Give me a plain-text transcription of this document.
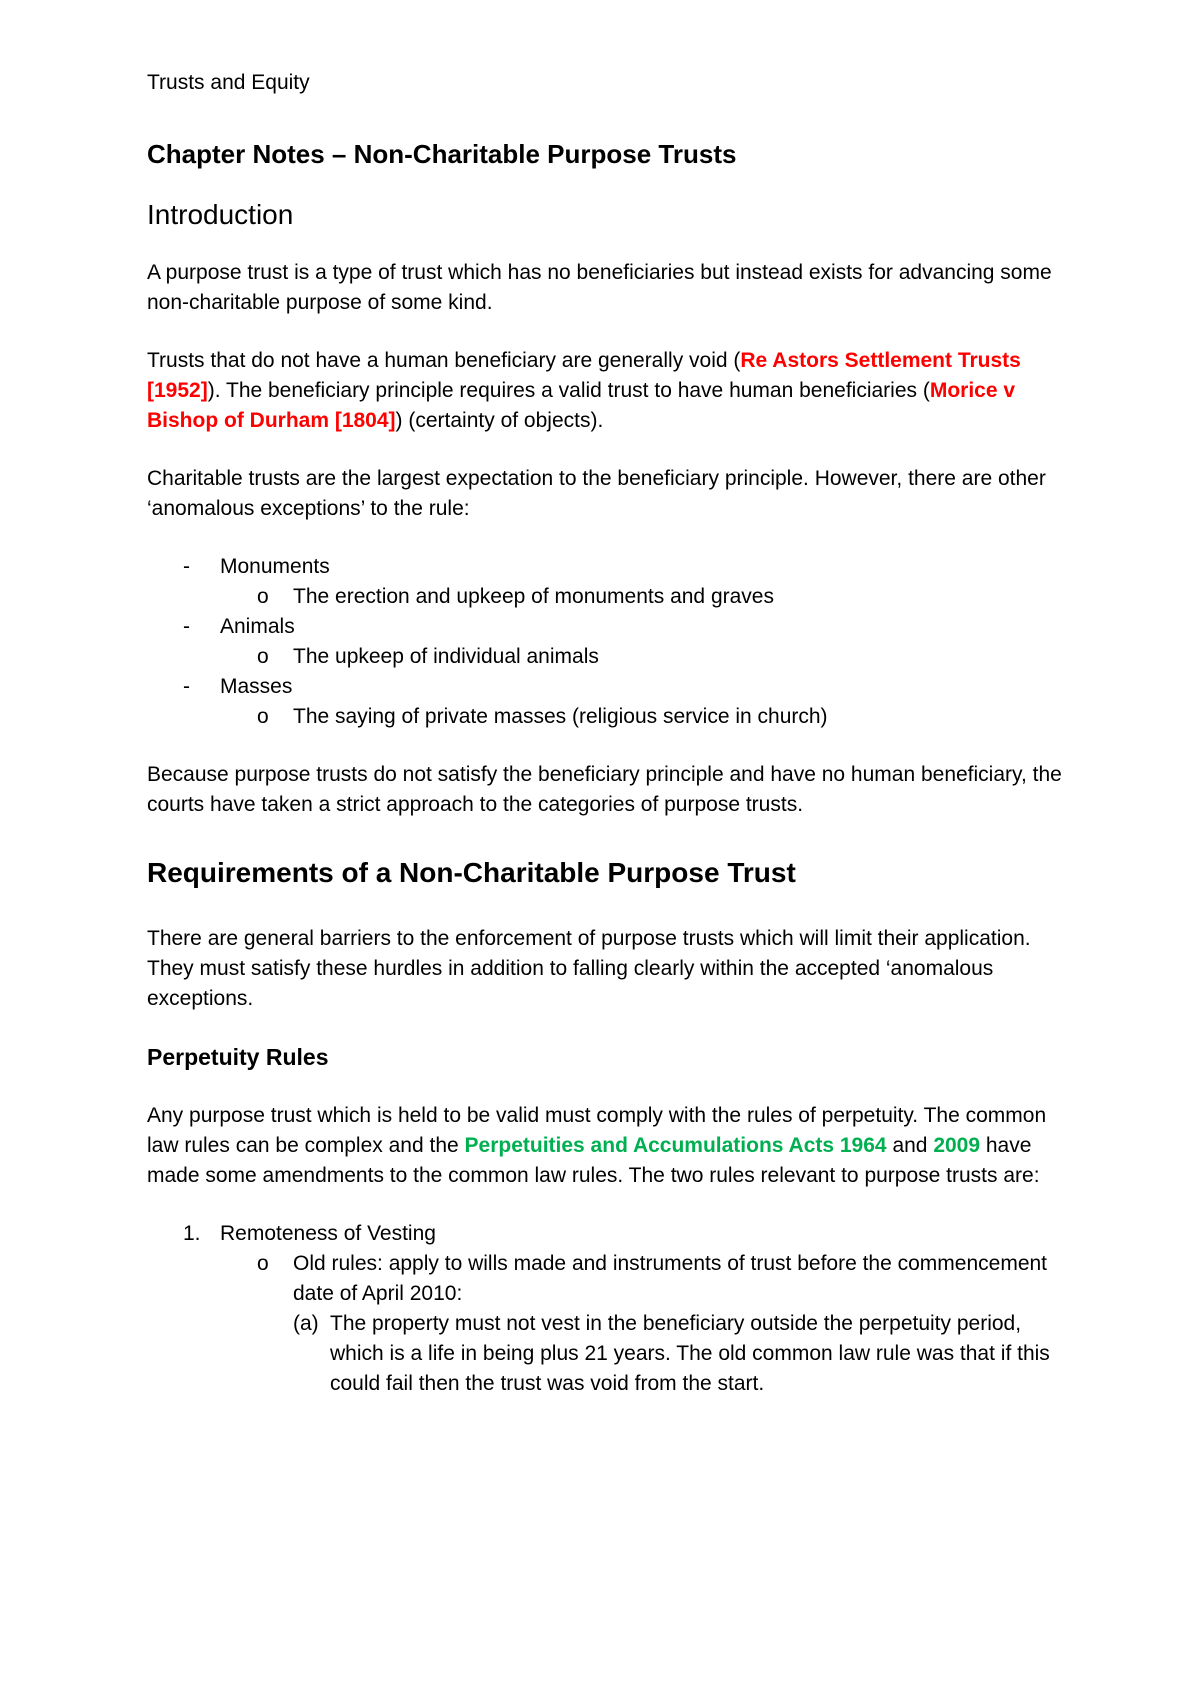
Trusts and Equity
Chapter Notes – Non-Charitable Purpose Trusts
Introduction

A purpose trust is a type of trust which has no beneficiaries but instead exists for advancing some non-charitable purpose of some kind.

Trusts that do not have a human beneficiary are generally void (Re Astors Settlement Trusts [1952]). The beneficiary principle requires a valid trust to have human beneficiaries (Morice v Bishop of Durham [1804]) (certainty of objects).

Charitable trusts are the largest expectation to the beneficiary principle. However, there are other ‘anomalous exceptions’ to the rule:

- Monuments
o The erection and upkeep of monuments and graves
- Animals
o The upkeep of individual animals
- Masses
o The saying of private masses (religious service in church)

Because purpose trusts do not satisfy the beneficiary principle and have no human beneficiary, the courts have taken a strict approach to the categories of purpose trusts.

Requirements of a Non-Charitable Purpose Trust

There are general barriers to the enforcement of purpose trusts which will limit their application. They must satisfy these hurdles in addition to falling clearly within the accepted ‘anomalous exceptions.

Perpetuity Rules

Any purpose trust which is held to be valid must comply with the rules of perpetuity. The common law rules can be complex and the Perpetuities and Accumulations Acts 1964 and 2009 have made some amendments to the common law rules. The two rules relevant to purpose trusts are:

1. Remoteness of Vesting
o Old rules: apply to wills made and instruments of trust before the commencement date of April 2010:
(a) The property must not vest in the beneficiary outside the perpetuity period, which is a life in being plus 21 years. The old common law rule was that if this could fail then the trust was void from the start.
